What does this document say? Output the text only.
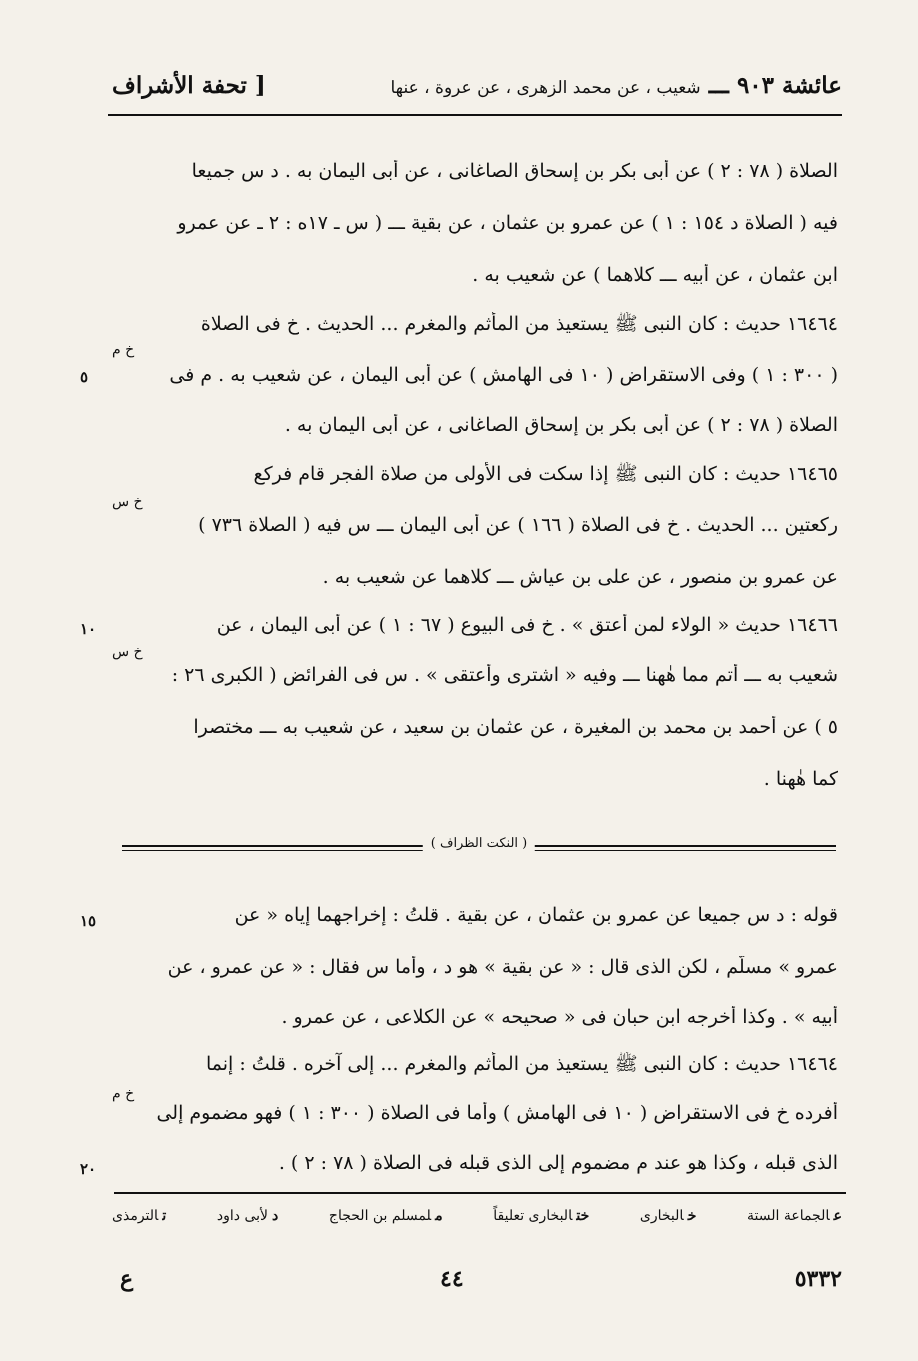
عائشة ٩٠٣ ـــ شعيب ، عن محمد الزهرى ، عن عروة ، عنها
[ تحفة الأشراف
الصلاة ( ٧٨ : ٢ ) عن أبى بكر بن إسحاق الصاغانى ، عن أبى اليمان به . د س جميعا
فيه ( الصلاة د ١٥٤ : ١ ) عن عمرو بن عثمان ، عن بقية ـــ ( س ـ ١٧ه : ٢ ـ عن عمرو
ابن عثمان ، عن أبيه ـــ كلاهما ) عن شعيب به .
١٦٤٦٤ حديث : كان النبى ﷺ يستعيذ من المأثم والمغرم ... الحديث . خ فى الصلاة
( ٣٠٠ : ١ ) وفى الاستقراض ( ١٠ فى الهامش ) عن أبى اليمان ، عن شعيب به . م فى
الصلاة ( ٧٨ : ٢ ) عن أبى بكر بن إسحاق الصاغانى ، عن أبى اليمان به .
١٦٤٦٥ حديث : كان النبى ﷺ إذا سكت فى الأولى من صلاة الفجر قام فركع
ركعتين ... الحديث . خ فى الصلاة ( ١٦٦ ) عن أبى اليمان ـــ س فيه ( الصلاة ٧٣٦ )
عن عمرو بن منصور ، عن على بن عياش ـــ كلاهما عن شعيب به .
١٦٤٦٦ حديث « الولاء لمن أعتق » . خ فى البيوع ( ٦٧ : ١ ) عن أبى اليمان ، عن
شعيب به ـــ أتم مما هٰهنا ـــ وفيه « اشترى وأعتقى » . س فى الفرائض ( الكبرى ٢٦ :
٥ ) عن أحمد بن محمد بن المغيرة ، عن عثمان بن سعيد ، عن شعيب به ـــ مختصرا
كما هٰهنا .
خ م
خ س
خ س
خ م
٥
١٠
١٥
٢٠
( النكت الظراف )
قوله : د س جميعا عن عمرو بن عثمان ، عن بقية . قلتُ : إخراجهما إياه « عن
عمرو » مسلَّم ، لكن الذى قال : « عن بقية » هو د ، وأما س فقال : « عن عمرو ، عن
أبيه » . وكذا أخرجه ابن حبان فى « صحيحه » عن الكلاعى ، عن عمرو .
١٦٤٦٤ حديث : كان النبى ﷺ يستعيذ من المأثم والمغرم ... إلى آخره . قلتُ : إنما
أفرده خ فى الاستقراض ( ١٠ فى الهامش ) وأما فى الصلاة ( ٣٠٠ : ١ ) فهو مضموم إلى
الذى قبله ، وكذا هو عند م مضموم إلى الذى قبله فى الصلاة ( ٧٨ : ٢ ) .
عالجماعة الستة
خالبخارى
ختالبخارى تعليقاً
ملمسلم بن الحجاج
دلأبى داود
تالترمذى
٥٣٣٢
٤٤
ع
